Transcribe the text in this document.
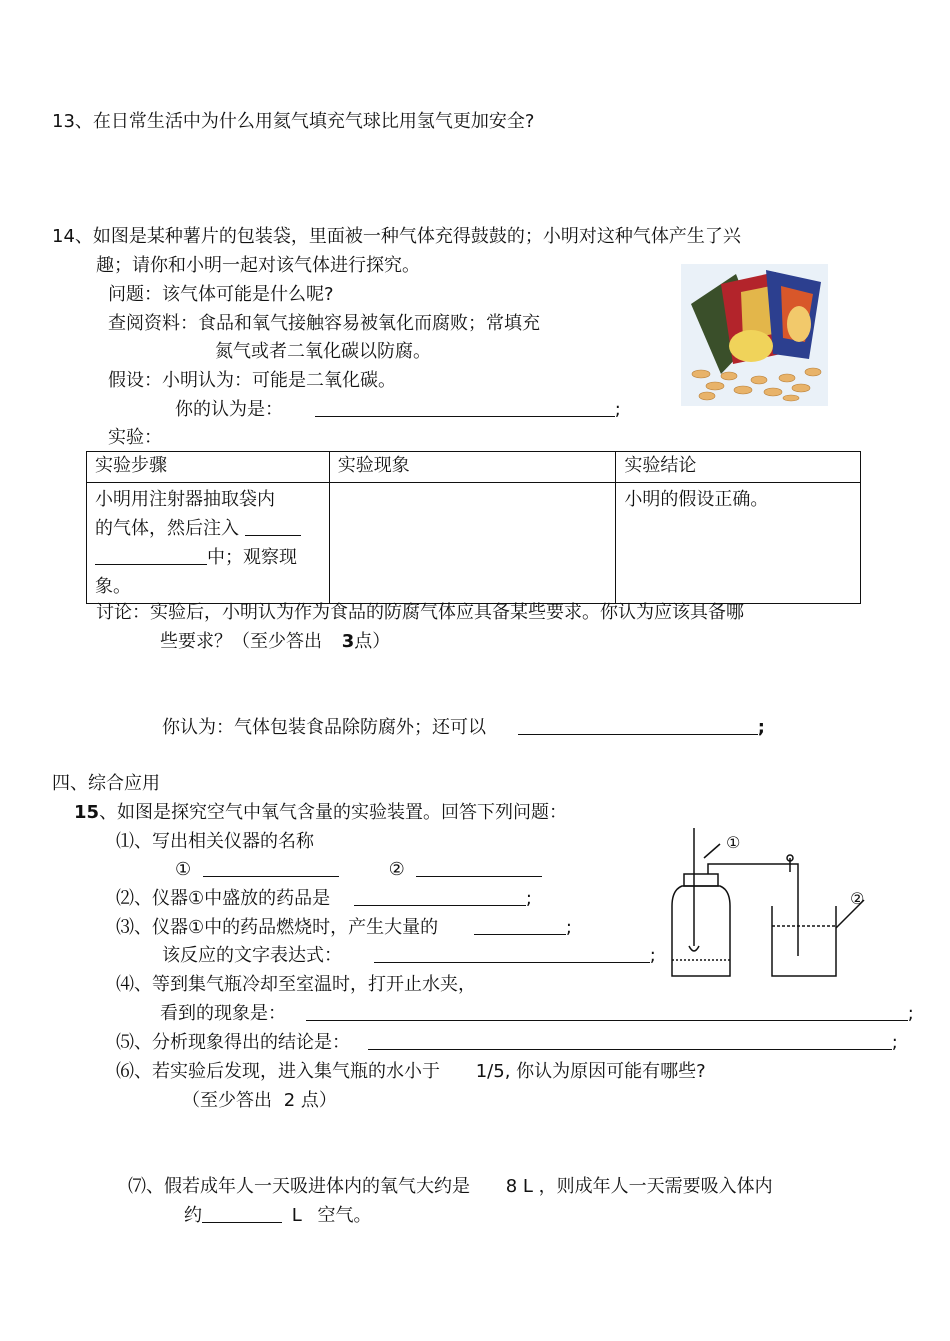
13、在日常生活中为什么用氦气填充气球比用氢气更加安全?
14、如图是某种薯片的包装袋，里面被一种气体充得鼓鼓的；小明对这种气体产生了兴
趣；请你和小明一起对该气体进行探究。
问题：该气体可能是什么呢?
查阅资料：食品和氧气接触容易被氧化而腐败；常填充
氮气或者二氧化碳以防腐。
假设：小明认为：可能是二氧化碳。
你的认为是：	;
实验：
实验步骤	实验现象	实验结论

小明用注射器抽取袋内
的气体，然后注入
中；观察现
象。		小明的假设正确。
讨论：实验后，小明认为作为食品的防腐气体应具备某些要求。你认为应该具备哪
些要求？（至少答出 3点）
你认为：气体包装食品除防腐外；还可以	;
四、综合应用
15、如图是探究空气中氧气含量的实验装置。回答下列问题：
⑴、写出相关仪器的名称
①	②
⑵、仪器①中盛放的药品是	;
⑶、仪器①中的药品燃烧时，产生大量的	;
该反应的文字表达式：	;
⑷、等到集气瓶冷却至室温时，打开止水夹，
看到的现象是：	;
⑸、分析现象得出的结论是：	;
⑹、若实验后发现，进入集气瓶的水小于 1/5, 你认为原因可能有哪些?
（至少答出 2 点）
⑺、假若成年人一天吸进体内的氧气大约是 8 L ，则成年人一天需要吸入体内
约	L 空气。
①
②
